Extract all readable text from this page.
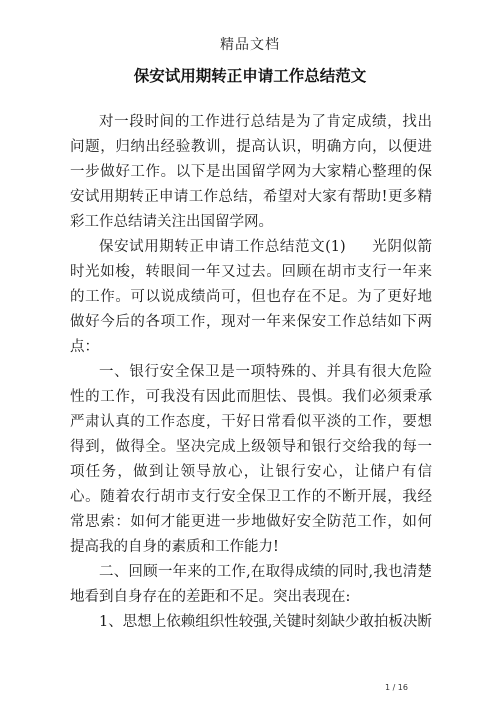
精品文档
保安试用期转正申请工作总结范文

对一段时间的工作进行总结是为了肯定成绩，找出问题，归纳出经验教训，提高认识，明确方向，以便进一步做好工作。以下是出国留学网为大家精心整理的保安试用期转正申请工作总结，希望对大家有帮助!更多精彩工作总结请关注出国留学网。

保安试用期转正申请工作总结范文(1) 光阴似箭时光如梭，转眼间一年又过去。回顾在胡市支行一年来的工作。可以说成绩尚可，但也存在不足。为了更好地做好今后的各项工作，现对一年来保安工作总结如下两点：

一、银行安全保卫是一项特殊的、并具有很大危险性的工作，可我没有因此而胆怯、畏惧。我们必须秉承严肃认真的工作态度，干好日常看似平淡的工作，要想得到，做得全。坚决完成上级领导和银行交给我的每一项任务，做到让领导放心，让银行安心，让储户有信心。随着农行胡市支行安全保卫工作的不断开展，我经常思索：如何才能更进一步地做好安全防范工作，如何提高我的自身的素质和工作能力!

二、回顾一年来的工作,在取得成绩的同时,我也清楚地看到自身存在的差距和不足。突出表现在:

1、思想上依赖组织性较强,关键时刻缺少敢拍板决断

1 / 16
